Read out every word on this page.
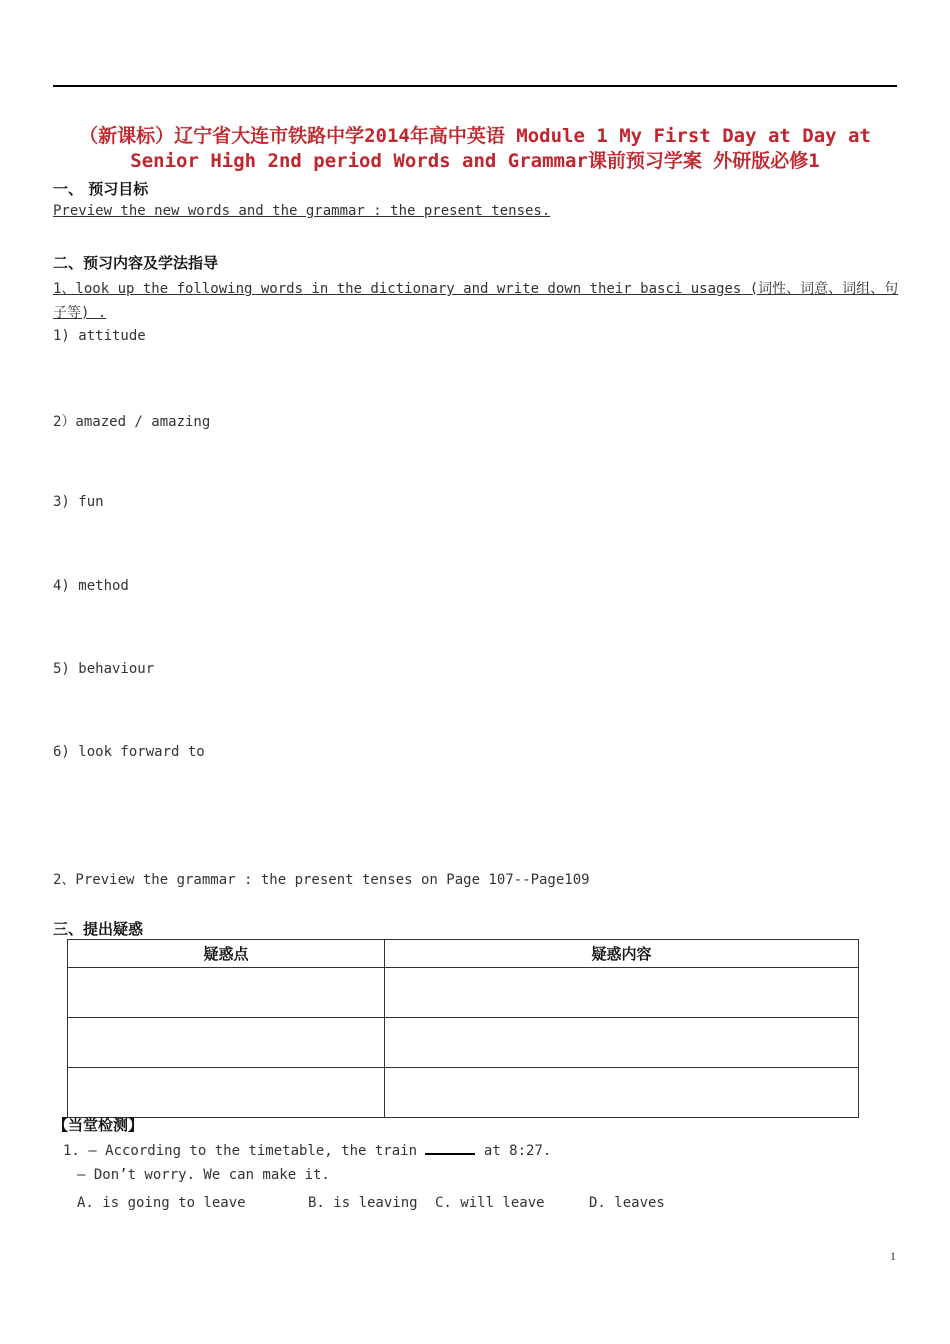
（新课标）辽宁省大连市铁路中学2014年高中英语 Module 1 My First Day at Day at Senior High 2nd period Words and Grammar课前预习学案 外研版必修1
一、 预习目标
Preview the new words and the grammar : the present tenses.
二、预习内容及学法指导
1、look up the following words in the dictionary and write down their basci usages (词性、词意、词组、句
子等) .
1) attitude
2）amazed / amazing
3) fun
4) method
5) behaviour
6) look forward to
2、Preview the grammar : the present tenses on Page 107--Page109
三、提出疑惑
疑惑点	疑惑内容

【当堂检测】
1. — According to the timetable, the train	at 8:27.
— Don’t worry. We can make it.
A. is going to leave	B. is leaving C. will leave	D. leaves
1
